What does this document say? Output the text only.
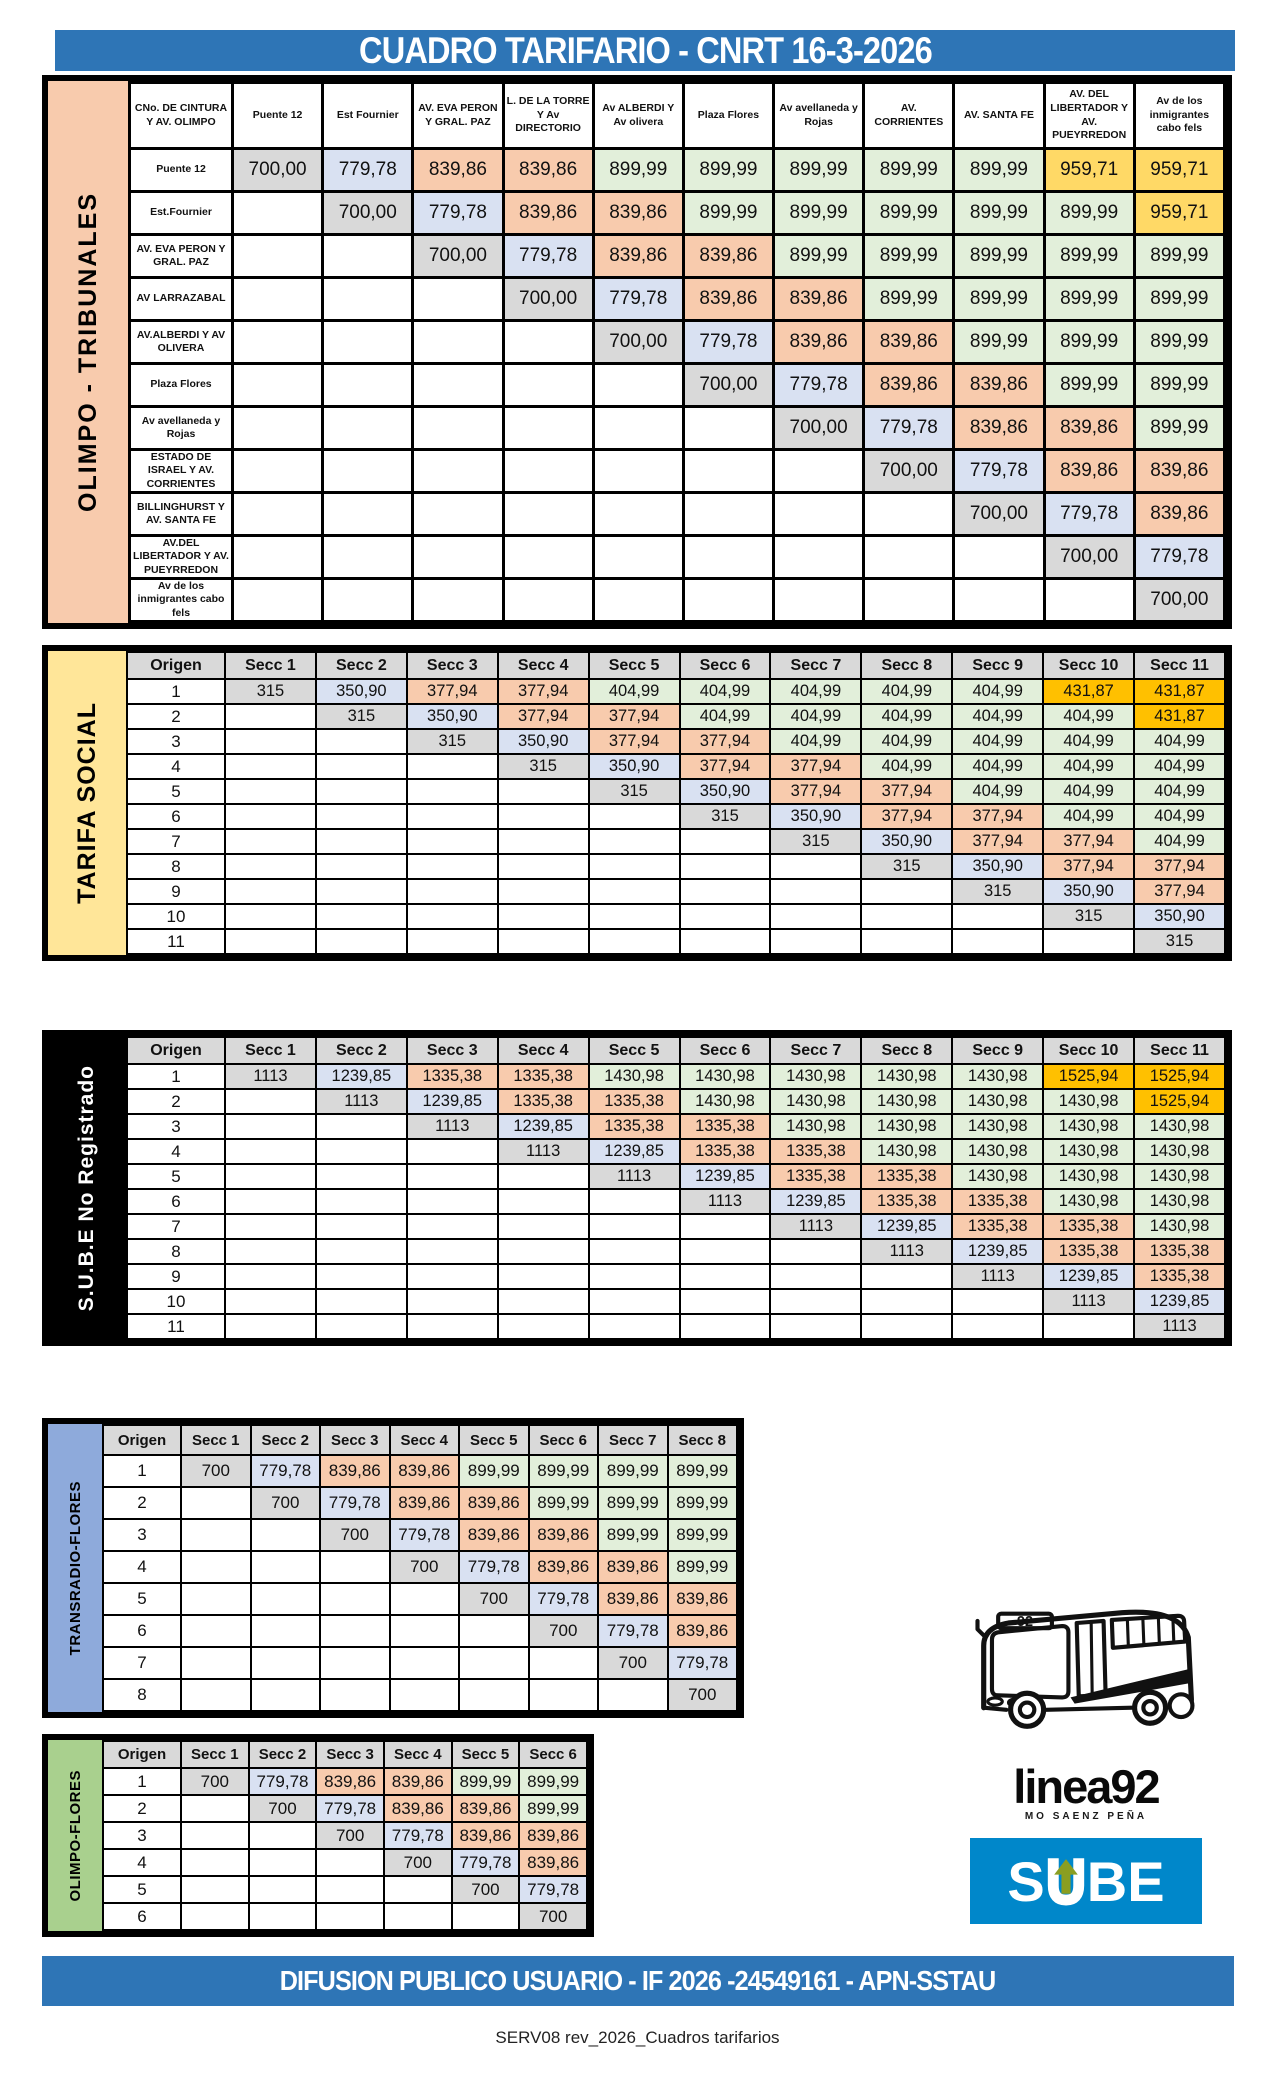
CUADRO TARIFARIO - CNRT 16-3-2026
OLIMPO - TRIBUNALES
CNo. DE CINTURA Y AV. OLIMPO	Puente 12	Est Fournier	AV. EVA PERON Y GRAL. PAZ	L. DE LA TORRE Y Av DIRECTORIO	Av ALBERDI Y Av olivera	Plaza Flores	Av avellaneda y Rojas	AV. CORRIENTES	AV. SANTA FE	AV. DEL LIBERTADOR Y AV. PUEYRREDON	Av de los inmigrantes cabo fels
Puente 12	700,00	779,78	839,86	839,86	899,99	899,99	899,99	899,99	899,99	959,71	959,71
Est.Fournier		700,00	779,78	839,86	839,86	899,99	899,99	899,99	899,99	899,99	959,71
AV. EVA PERON Y GRAL. PAZ			700,00	779,78	839,86	839,86	899,99	899,99	899,99	899,99	899,99
AV LARRAZABAL				700,00	779,78	839,86	839,86	899,99	899,99	899,99	899,99
AV.ALBERDI Y AV OLIVERA					700,00	779,78	839,86	839,86	899,99	899,99	899,99
Plaza Flores						700,00	779,78	839,86	839,86	899,99	899,99
Av avellaneda y Rojas							700,00	779,78	839,86	839,86	899,99
ESTADO DE ISRAEL Y AV. CORRIENTES								700,00	779,78	839,86	839,86
BILLINGHURST Y AV. SANTA FE									700,00	779,78	839,86
AV.DEL LIBERTADOR Y AV. PUEYRREDON										700,00	779,78
Av de los inmigrantes cabo fels											700,00
TARIFA SOCIAL
Origen	Secc 1	Secc 2	Secc 3	Secc 4	Secc 5	Secc 6	Secc 7	Secc 8	Secc 9	Secc 10	Secc 11
1	315	350,90	377,94	377,94	404,99	404,99	404,99	404,99	404,99	431,87	431,87
2		315	350,90	377,94	377,94	404,99	404,99	404,99	404,99	404,99	431,87
3			315	350,90	377,94	377,94	404,99	404,99	404,99	404,99	404,99
4				315	350,90	377,94	377,94	404,99	404,99	404,99	404,99
5					315	350,90	377,94	377,94	404,99	404,99	404,99
6						315	350,90	377,94	377,94	404,99	404,99
7							315	350,90	377,94	377,94	404,99
8								315	350,90	377,94	377,94
9									315	350,90	377,94
10										315	350,90
11											315
S.U.B.E No Registrado
Origen	Secc 1	Secc 2	Secc 3	Secc 4	Secc 5	Secc 6	Secc 7	Secc 8	Secc 9	Secc 10	Secc 11
1	1113	1239,85	1335,38	1335,38	1430,98	1430,98	1430,98	1430,98	1430,98	1525,94	1525,94
2		1113	1239,85	1335,38	1335,38	1430,98	1430,98	1430,98	1430,98	1430,98	1525,94
3			1113	1239,85	1335,38	1335,38	1430,98	1430,98	1430,98	1430,98	1430,98
4				1113	1239,85	1335,38	1335,38	1430,98	1430,98	1430,98	1430,98
5					1113	1239,85	1335,38	1335,38	1430,98	1430,98	1430,98
6						1113	1239,85	1335,38	1335,38	1430,98	1430,98
7							1113	1239,85	1335,38	1335,38	1430,98
8								1113	1239,85	1335,38	1335,38
9									1113	1239,85	1335,38
10										1113	1239,85
11											1113
TRANSRADIO-FLORES
Origen	Secc 1	Secc 2	Secc 3	Secc 4	Secc 5	Secc 6	Secc 7	Secc 8
1	700	779,78	839,86	839,86	899,99	899,99	899,99	899,99
2		700	779,78	839,86	839,86	899,99	899,99	899,99
3			700	779,78	839,86	839,86	899,99	899,99
4				700	779,78	839,86	839,86	899,99
5					700	779,78	839,86	839,86
6						700	779,78	839,86
7							700	779,78
8								700
OLIMPO-FLORES
Origen	Secc 1	Secc 2	Secc 3	Secc 4	Secc 5	Secc 6
1	700	779,78	839,86	839,86	899,99	899,99
2		700	779,78	839,86	839,86	899,99
3			700	779,78	839,86	839,86
4				700	779,78	839,86
5					700	779,78
6						700
92
linea92
MO SAENZ PEÑA
S BE
DIFUSION PUBLICO USUARIO - IF 2026 -24549161 - APN-SSTAU
SERV08 rev_2026_Cuadros tarifarios
